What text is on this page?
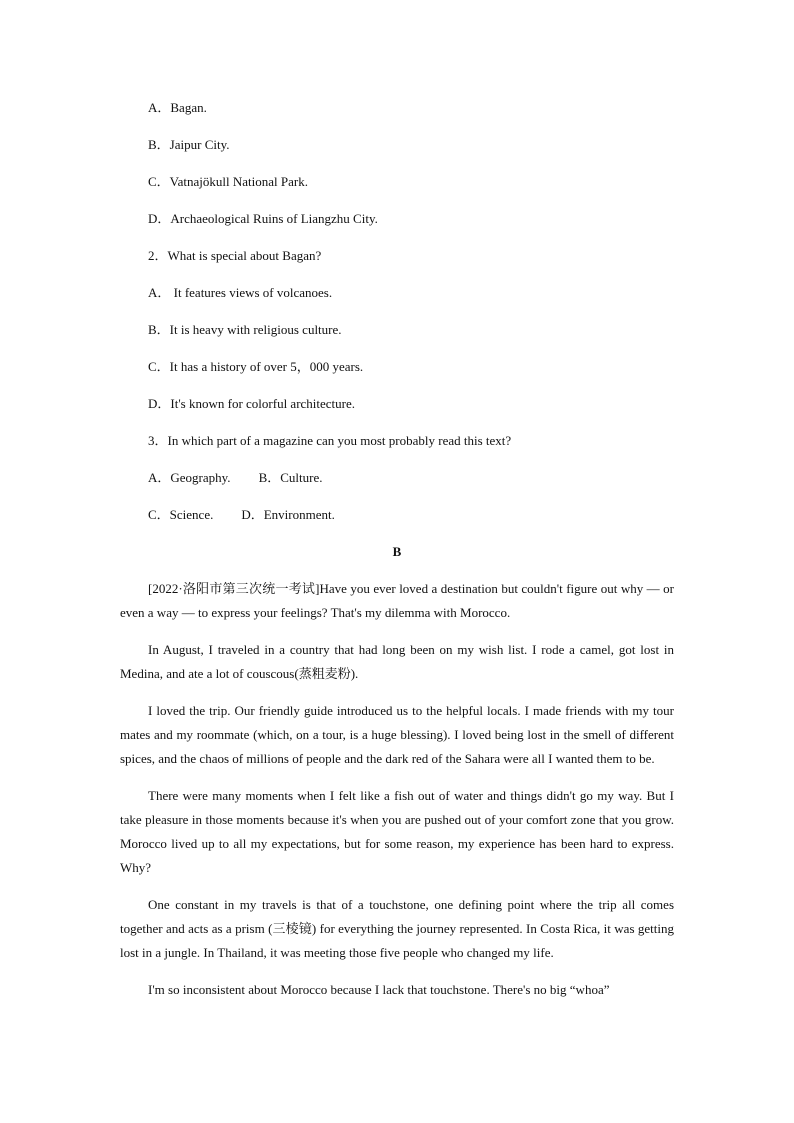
A．Bagan.
B．Jaipur City.
C．Vatnajökull National Park.
D．Archaeological Ruins of Liangzhu City.
2．What is special about Bagan?
A． It features views of volcanoes.
B．It is heavy with religious culture.
C．It has a history of over 5，000 years.
D．It's known for colorful architecture.
3．In which part of a magazine can you most probably read this text?
A．Geography. B．Culture.
C．Science. D．Environment.
B
[2022·洛阳市第三次统一考试]Have you ever loved a destination but couldn't figure out why — or even a way — to express your feelings? That's my dilemma with Morocco.
In August, I traveled in a country that had long been on my wish list. I rode a camel, got lost in Medina, and ate a lot of couscous(蒸粗麦粉).
I loved the trip. Our friendly guide introduced us to the helpful locals. I made friends with my tour mates and my roommate (which, on a tour, is a huge blessing). I loved being lost in the smell of different spices, and the chaos of millions of people and the dark red of the Sahara were all I wanted them to be.
There were many moments when I felt like a fish out of water and things didn't go my way. But I take pleasure in those moments because it's when you are pushed out of your comfort zone that you grow. Morocco lived up to all my expectations, but for some reason, my experience has been hard to express. Why?
One constant in my travels is that of a touchstone, one defining point where the trip all comes together and acts as a prism (三棱镜) for everything the journey represented. In Costa Rica, it was getting lost in a jungle. In Thailand, it was meeting those five people who changed my life.
I'm so inconsistent about Morocco because I lack that touchstone. There's no big “whoa”
